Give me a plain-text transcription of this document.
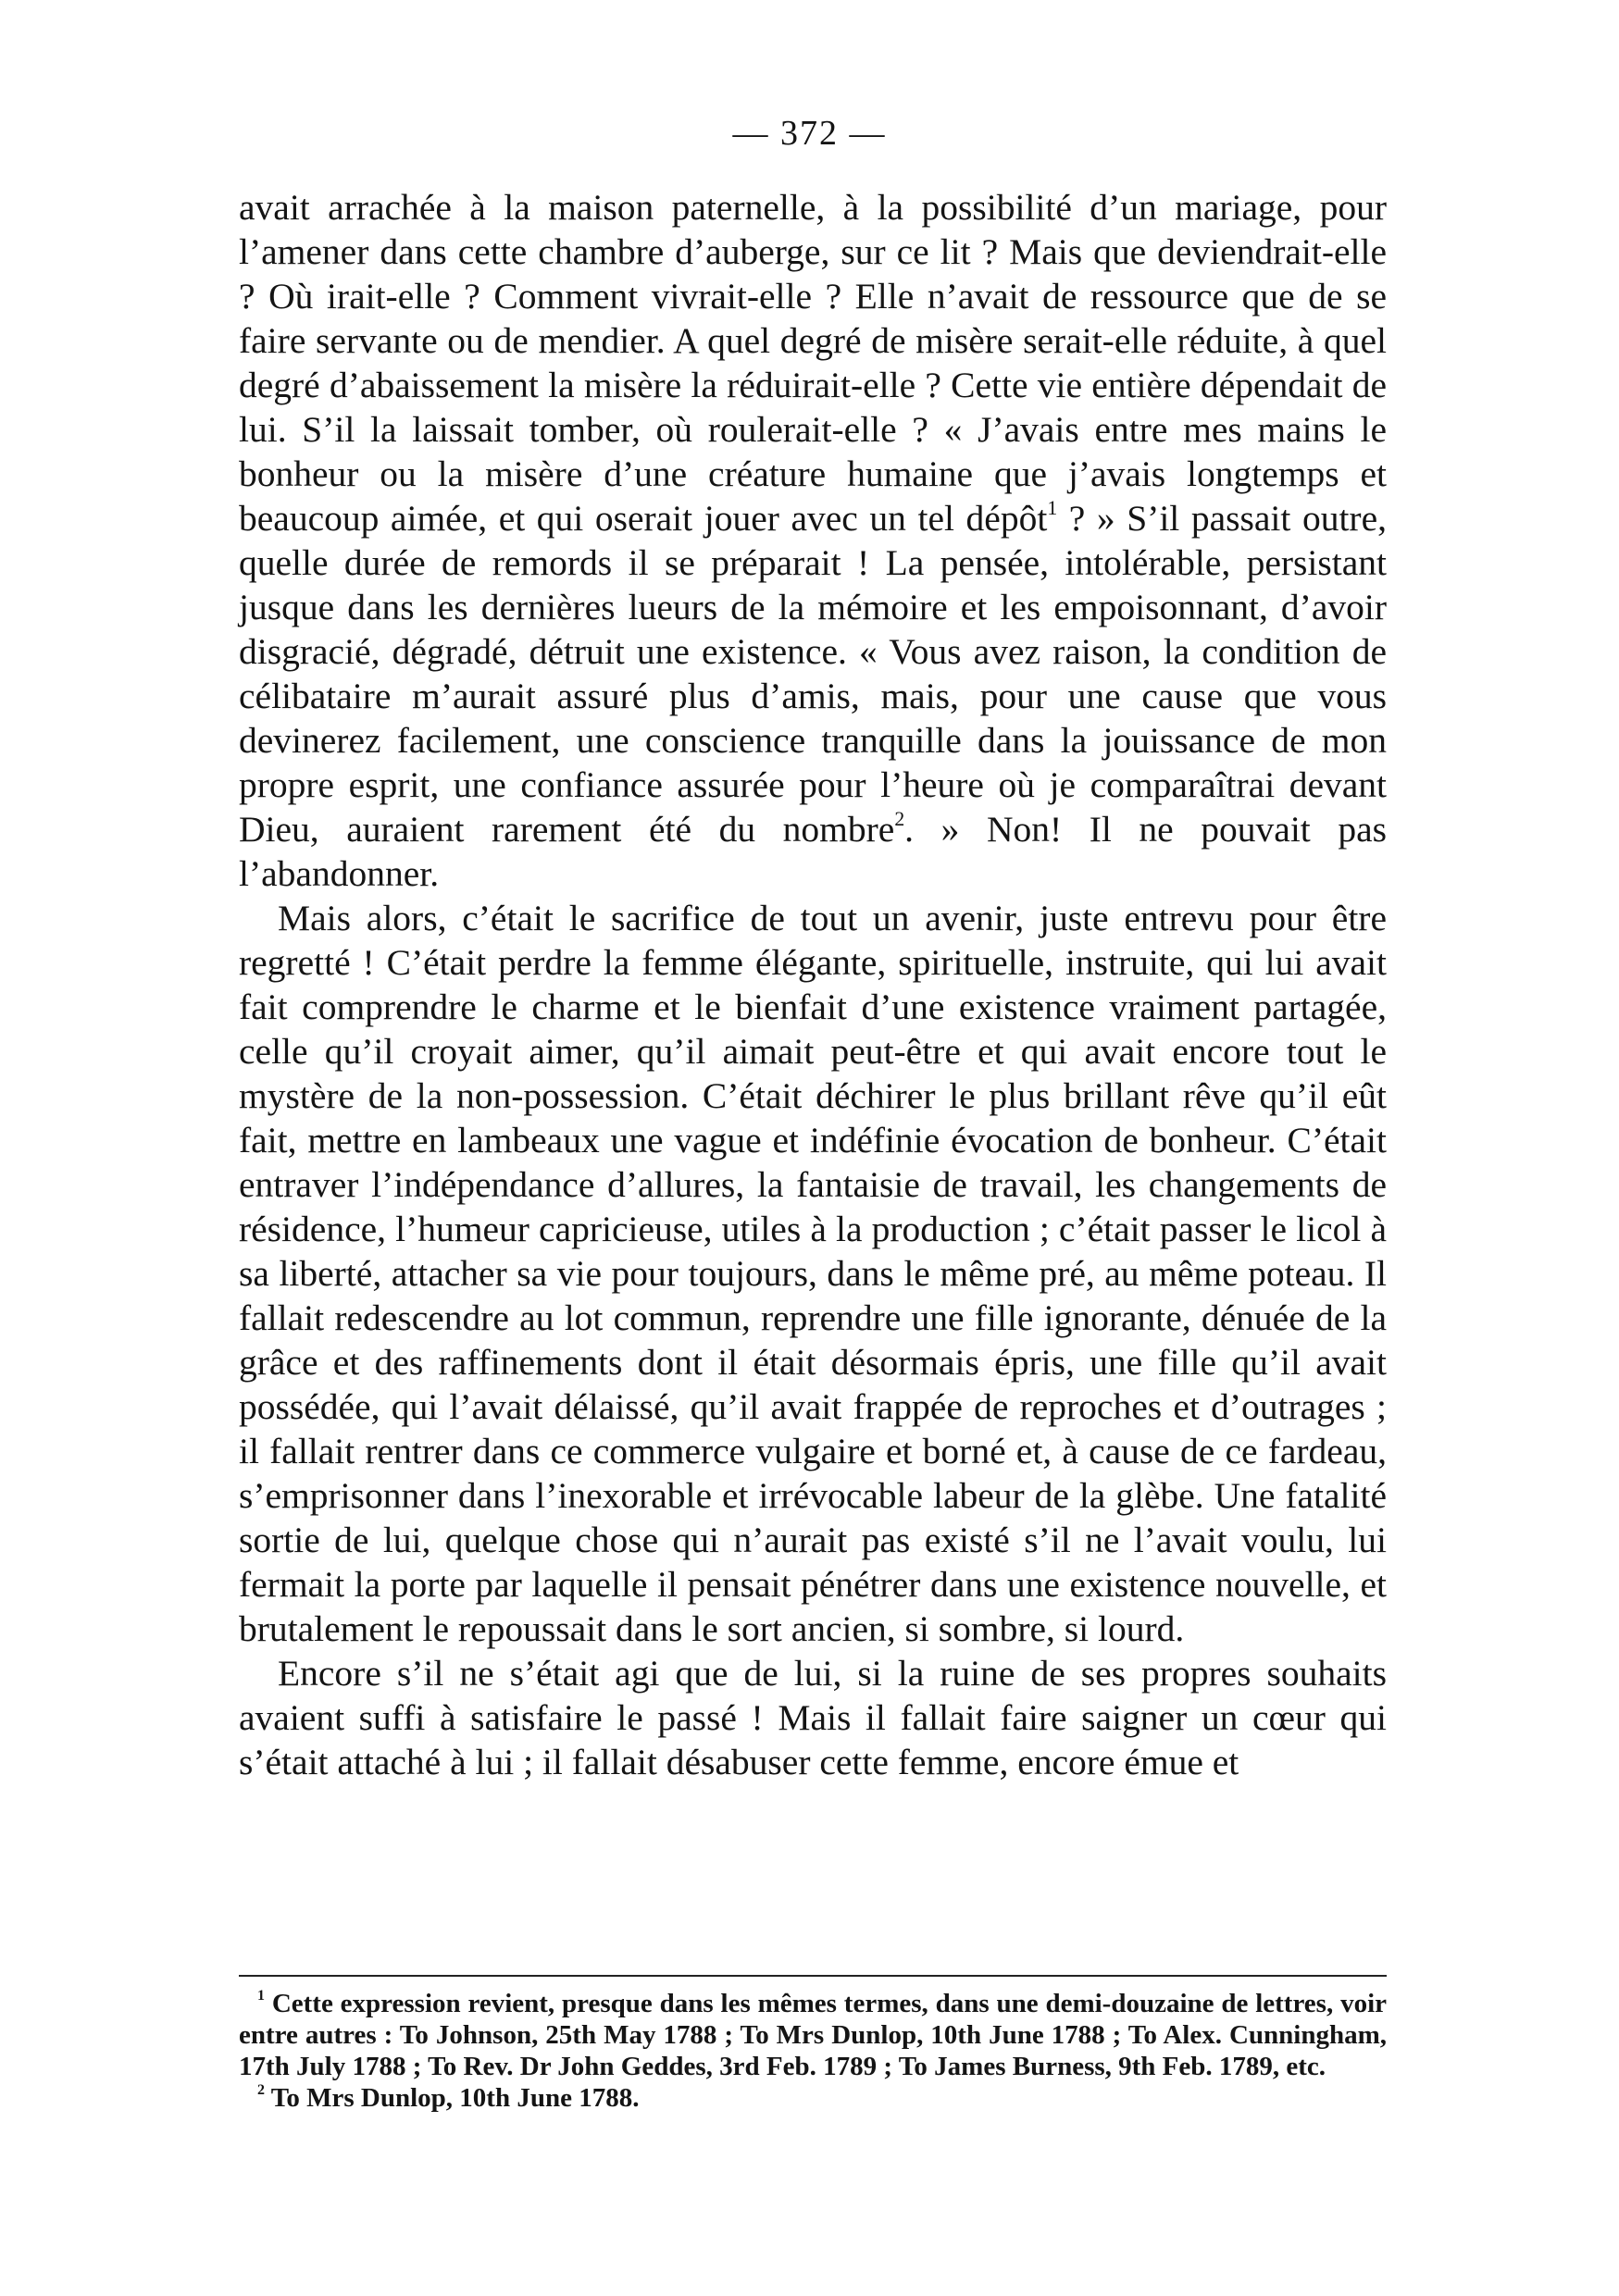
— 372 —

avait arrachée à la maison paternelle, à la possibilité d’un mariage, pour l’amener dans cette chambre d’auberge, sur ce lit ? Mais que deviendrait-elle ? Où irait-elle ? Comment vivrait-elle ? Elle n’avait de ressource que de se faire servante ou de mendier. A quel degré de misère serait-elle réduite, à quel degré d’abaissement la misère la réduirait-elle ? Cette vie entière dépendait de lui. S’il la laissait tomber, où roulerait-elle ? « J’avais entre mes mains le bonheur ou la misère d’une créature humaine que j’avais longtemps et beaucoup aimée, et qui oserait jouer avec un tel dépôt$^1$ ? » S’il passait outre, quelle durée de remords il se préparait ! La pensée, intolérable, persistant jusque dans les dernières lueurs de la mémoire et les empoisonnant, d’avoir disgracié, dégradé, détruit une existence. « Vous avez raison, la condition de célibataire m’aurait assuré plus d’amis, mais, pour une cause que vous devinerez facilement, une conscience tranquille dans la jouissance de mon propre esprit, une confiance assurée pour l’heure où je comparaîtrai devant Dieu, auraient rarement été du nombre$^2$. » Non! Il ne pouvait pas l’abandonner.

Mais alors, c’était le sacrifice de tout un avenir, juste entrevu pour être regretté ! C’était perdre la femme élégante, spirituelle, instruite, qui lui avait fait comprendre le charme et le bienfait d’une existence vraiment partagée, celle qu’il croyait aimer, qu’il aimait peut-être et qui avait encore tout le mystère de la non-possession. C’était déchirer le plus brillant rêve qu’il eût fait, mettre en lambeaux une vague et indéfinie évocation de bonheur. C’était entraver l’indépendance d’allures, la fantaisie de travail, les changements de résidence, l’humeur capricieuse, utiles à la production ; c’était passer le licol à sa liberté, attacher sa vie pour toujours, dans le même pré, au même poteau. Il fallait redescendre au lot commun, reprendre une fille ignorante, dénuée de la grâce et des raffinements dont il était désormais épris, une fille qu’il avait possédée, qui l’avait délaissé, qu’il avait frappée de reproches et d’outrages ; il fallait rentrer dans ce commerce vulgaire et borné et, à cause de ce fardeau, s’emprisonner dans l’inexorable et irrévocable labeur de la glèbe. Une fatalité sortie de lui, quelque chose qui n’aurait pas existé s’il ne l’avait voulu, lui fermait la porte par laquelle il pensait pénétrer dans une existence nouvelle, et brutalement le repoussait dans le sort ancien, si sombre, si lourd.

Encore s’il ne s’était agi que de lui, si la ruine de ses propres souhaits avaient suffi à satisfaire le passé ! Mais il fallait faire saigner un cœur qui s’était attaché à lui ; il fallait désabuser cette femme, encore émue et

$^1$ Cette expression revient, presque dans les mêmes termes, dans une demi-douzaine de lettres, voir entre autres : To Johnson, 25th May 1788 ; To Mrs Dunlop, 10th June 1788 ; To Alex. Cunningham, 17th July 1788 ; To Rev. Dr John Geddes, 3rd Feb. 1789 ; To James Burness, 9th Feb. 1789, etc.

$^2$ To Mrs Dunlop, 10th June 1788.
